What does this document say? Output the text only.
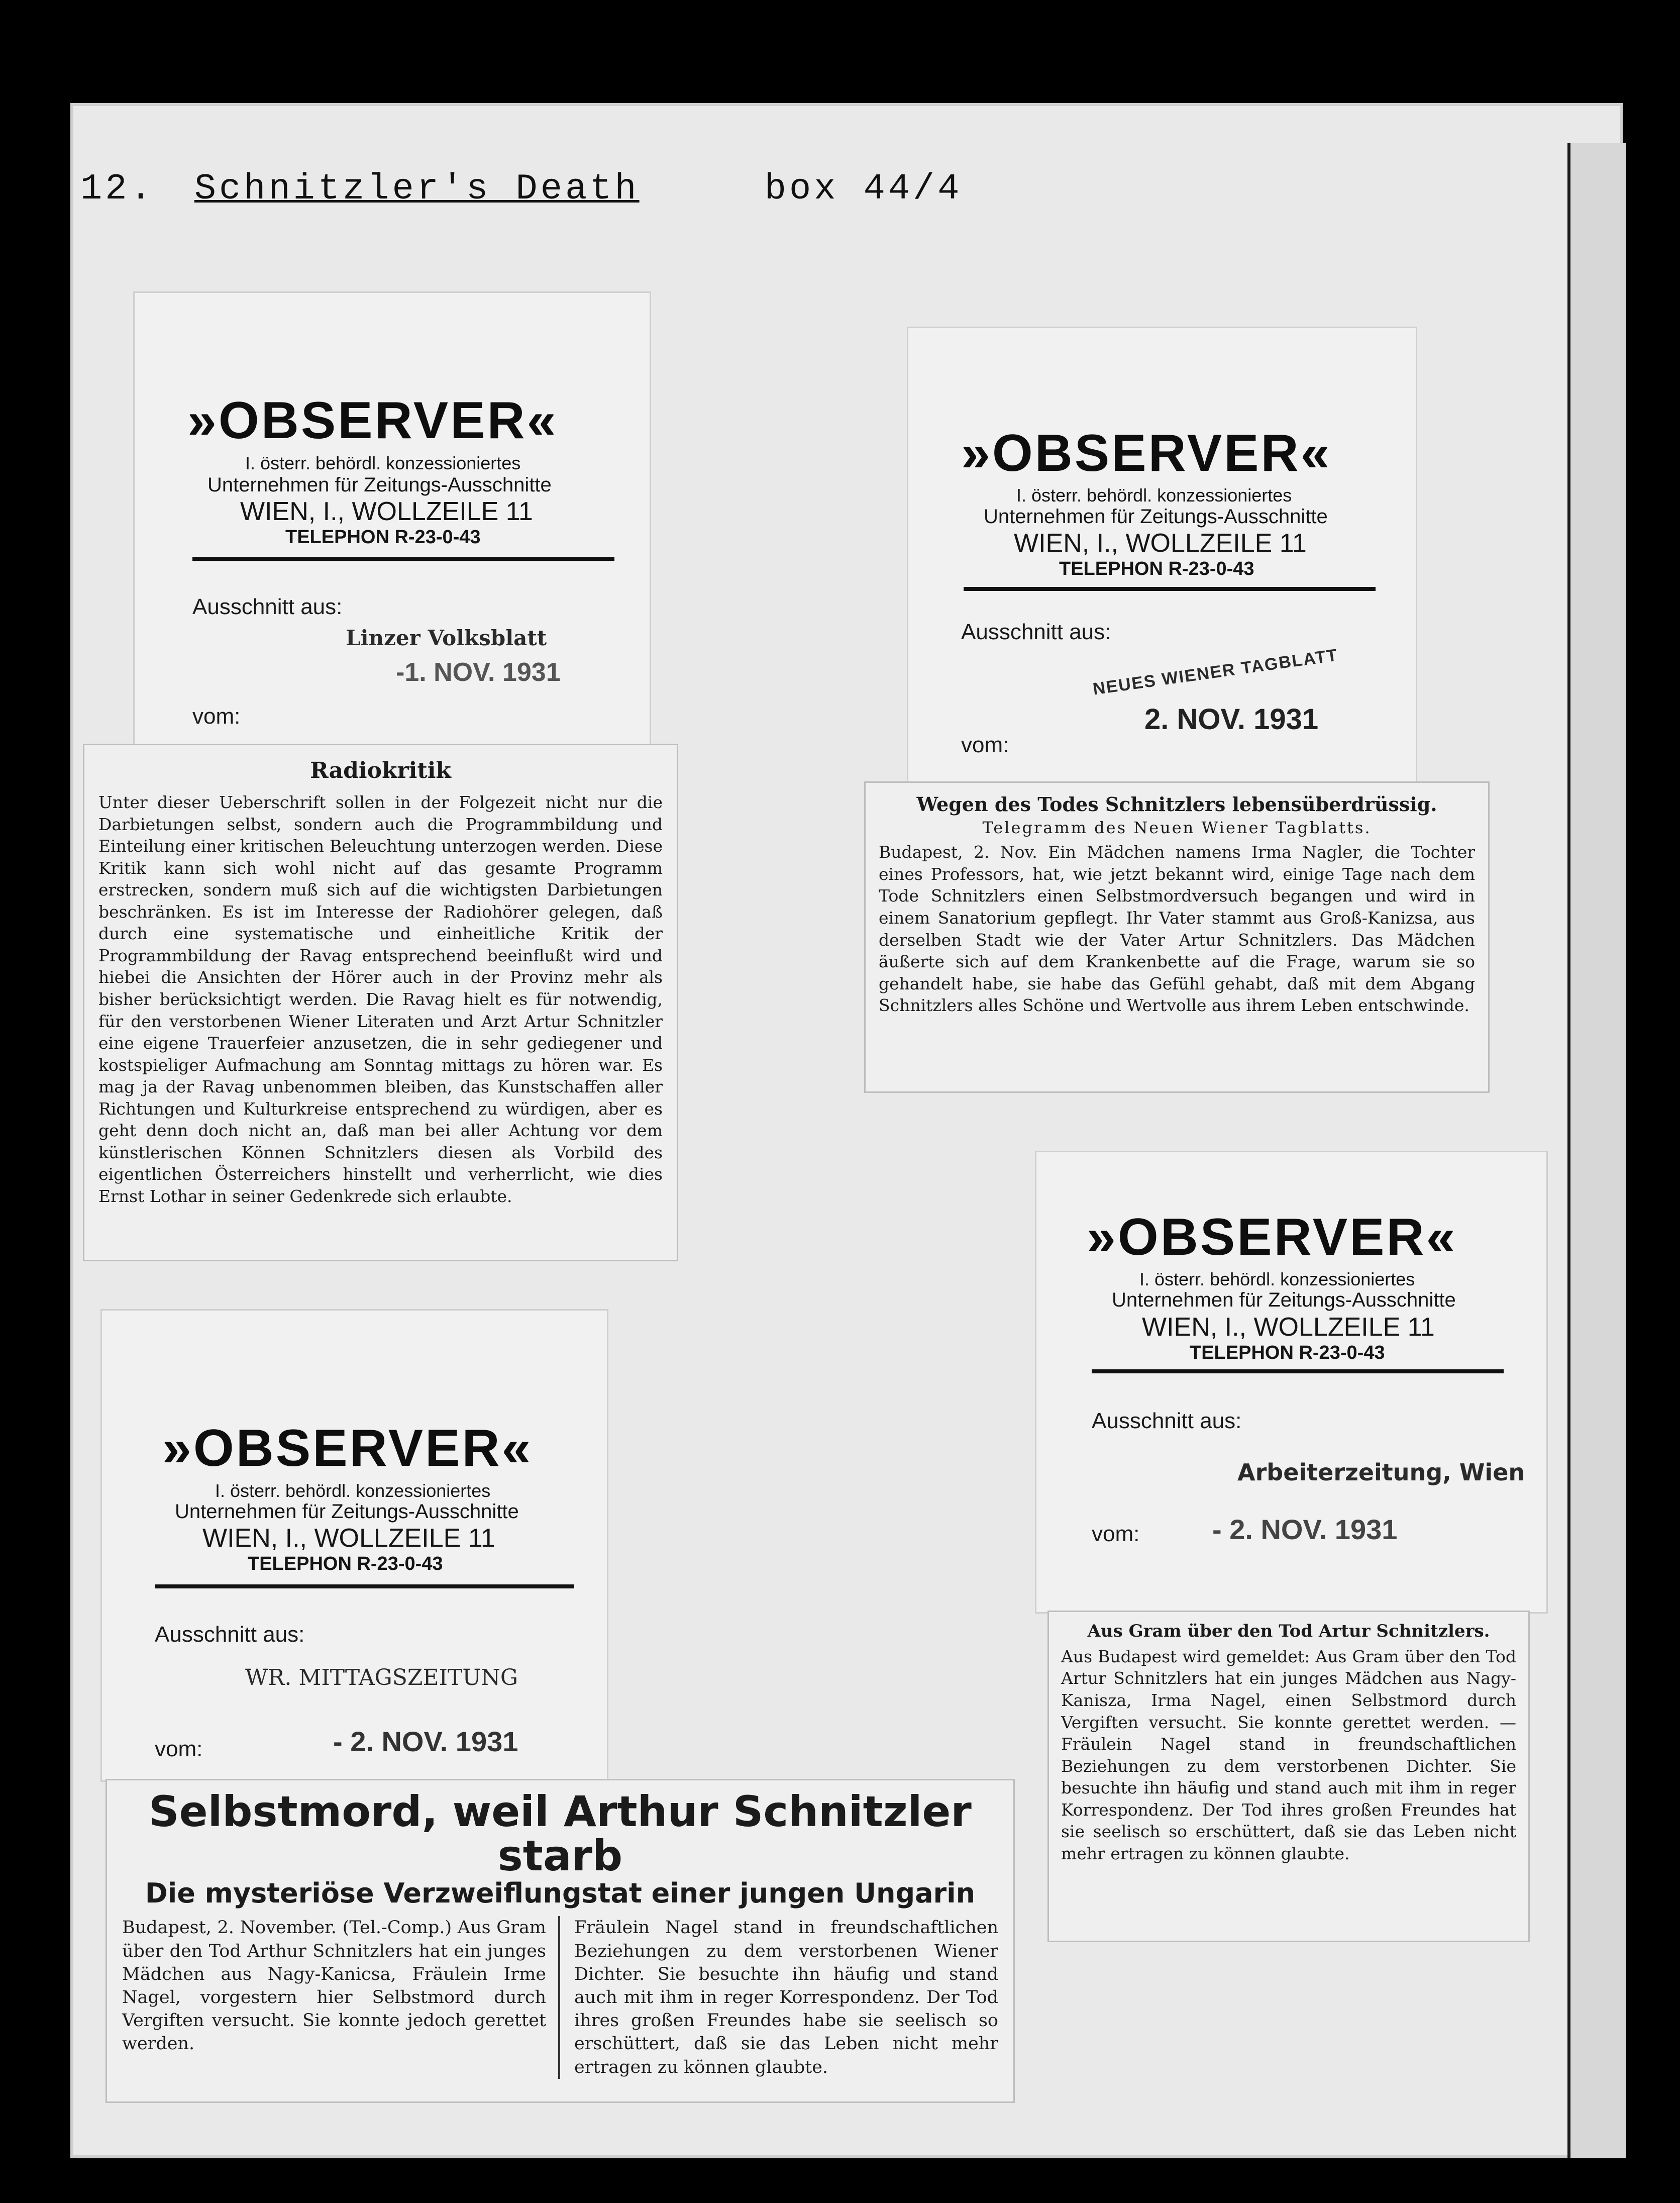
12. Schnitzler's Death	box 44/4
»OBSERVER«
I. österr. behördl. konzessioniertes
Unternehmen für Zeitungs-Ausschnitte
WIEN, I., WOLLZEILE 11
TELEPHON R-23-0-43
Ausschnitt aus:
Linzer Volksblatt
-1. NOV. 1931
vom:

Radiokritik

Unter dieser Ueberschrift sollen in der Folgezeit nicht nur die Darbietungen selbst, sondern auch die Programmbildung und Einteilung einer kritischen Beleuchtung unterzogen werden. Diese Kritik kann sich wohl nicht auf das gesamte Programm erstrecken, sondern muß sich auf die wichtigsten Darbietungen beschränken. Es ist im Interesse der Radiohörer gelegen, daß durch eine systematische und einheitliche Kritik der Programmbildung der Ravag entsprechend beeinflußt wird und hiebei die Ansichten der Hörer auch in der Provinz mehr als bisher berücksichtigt werden. Die Ravag hielt es für notwendig, für den verstorbenen Wiener Literaten und Arzt Artur Schnitzler eine eigene Trauerfeier anzusetzen, die in sehr gediegener und kostspieliger Aufmachung am Sonntag mittags zu hören war. Es mag ja der Ravag unbenommen bleiben, das Kunstschaffen aller Richtungen und Kulturkreise entsprechend zu würdigen, aber es geht denn doch nicht an, daß man bei aller Achtung vor dem künstlerischen Können Schnitzlers diesen als Vorbild des eigentlichen Österreichers hinstellt und verherrlicht, wie dies Ernst Lothar in seiner Gedenkrede sich erlaubte.

»OBSERVER«
I. österr. behördl. konzessioniertes
Unternehmen für Zeitungs-Ausschnitte
WIEN, I., WOLLZEILE 11
TELEPHON R-23-0-43
Ausschnitt aus:
NEUES WIENER TAGBLATT
2. NOV. 1931
vom:

Wegen des Todes Schnitzlers lebensüberdrüssig.

Telegramm des Neuen Wiener Tagblatts.

Budapest, 2. Nov. Ein Mädchen namens Irma Nagler, die Tochter eines Professors, hat, wie jetzt bekannt wird, einige Tage nach dem Tode Schnitzlers einen Selbstmordversuch begangen und wird in einem Sanatorium gepflegt. Ihr Vater stammt aus Groß-Kanizsa, aus derselben Stadt wie der Vater Artur Schnitzlers. Das Mädchen äußerte sich auf dem Krankenbette auf die Frage, warum sie so gehandelt habe, sie habe das Gefühl gehabt, daß mit dem Abgang Schnitzlers alles Schöne und Wertvolle aus ihrem Leben entschwinde.

»OBSERVER«
I. österr. behördl. konzessioniertes
Unternehmen für Zeitungs-Ausschnitte
WIEN, I., WOLLZEILE 11
TELEPHON R-23-0-43
Ausschnitt aus:
Arbeiterzeitung, Wien
- 2. NOV. 1931
vom:

Aus Gram über den Tod Artur Schnitzlers.

Aus Budapest wird gemeldet: Aus Gram über den Tod Artur Schnitzlers hat ein junges Mädchen aus Nagy-Kanisza, Irma Nagel, einen Selbstmord durch Vergiften versucht. Sie konnte gerettet werden. — Fräulein Nagel stand in freundschaftlichen Beziehungen zu dem verstorbenen Dichter. Sie besuchte ihn häufig und stand auch mit ihm in reger Korrespondenz. Der Tod ihres großen Freundes hat sie seelisch so erschüttert, daß sie das Leben nicht mehr ertragen zu können glaubte.

»OBSERVER«
I. österr. behördl. konzessioniertes
Unternehmen für Zeitungs-Ausschnitte
WIEN, I., WOLLZEILE 11
TELEPHON R-23-0-43
Ausschnitt aus:
WR. MITTAGSZEITUNG
- 2. NOV. 1931
vom:

Selbstmord, weil Arthur Schnitzler starb

Die mysteriöse Verzweiflungstat einer jungen Ungarin

Budapest, 2. November. (Tel.-Comp.) Aus Gram über den Tod Arthur Schnitzlers hat ein junges Mädchen aus Nagy-Kanicsa, Fräulein Irme Nagel, vorgestern hier Selbstmord durch Vergiften versucht. Sie konnte jedoch gerettet werden.

Fräulein Nagel stand in freundschaftlichen Beziehungen zu dem verstorbenen Wiener Dichter. Sie besuchte ihn häufig und stand auch mit ihm in reger Korrespondenz. Der Tod ihres großen Freundes habe sie seelisch so erschüttert, daß sie das Leben nicht mehr ertragen zu können glaubte.
